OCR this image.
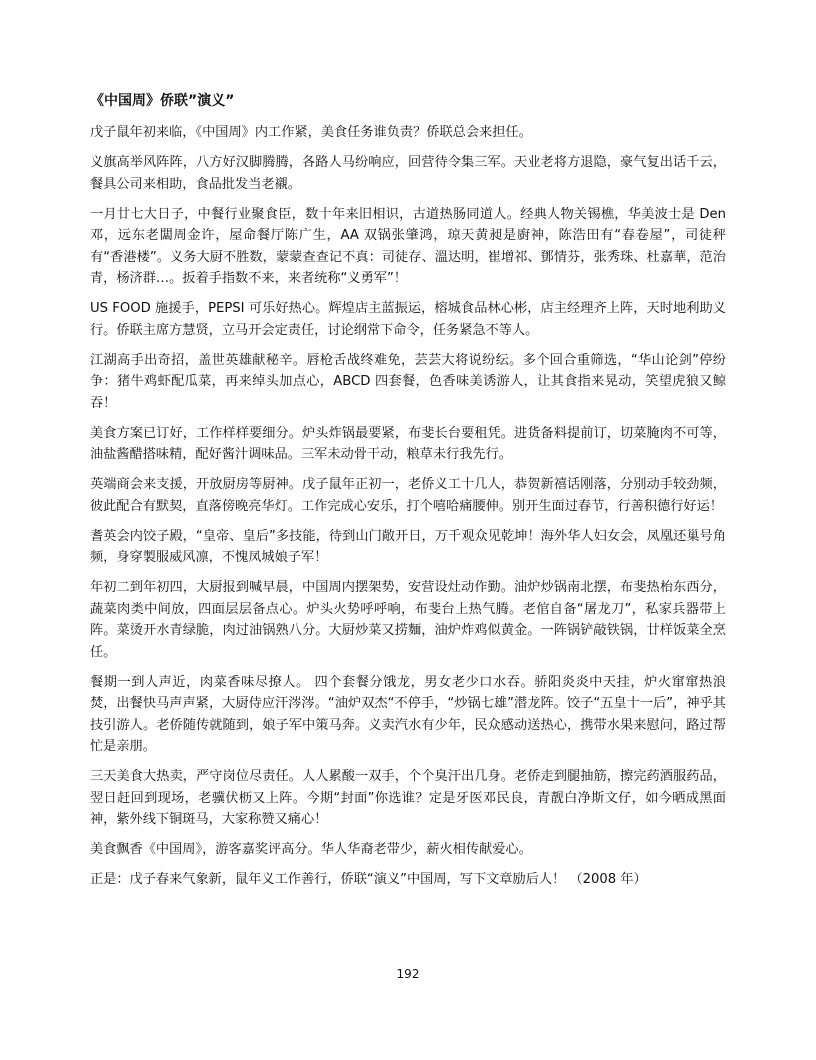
《中国周》侨联”演义”

戊子鼠年初来临，《中国周》内工作紧，美食任务谁负责？侨联总会来担任。

义旗高举风阵阵，八方好汉脚腾腾，各路人马纷响应，回营待令集三军。天业老将方退隐，豪气复出话千云，餐具公司来相助，食品批发当老襯。

一月廿七大日子，中餐行业聚食臣，数十年来旧相识，古道热肠同道人。经典人物关锡樵，华美波士是 Den 邓，远东老闆周金许，屋命餐厅陈广生，AA 双锅张肇鸿，琼天黄昶是廚神，陈浩田有“春卷屋”，司徒秤有“香港楼”。义务大厨不胜数，蒙蒙查查记不真：司徒存、溫达明，崔增祁、鄧情芬，张秀珠、杜嘉華，范治青，杨济群…。扳着手指数不来，来者统称“义勇军”！

US FOOD 施援手，PEPSI 可乐好热心。辉煌店主蓝振运，榕城食品林心彬，店主经理齐上阵，天时地利助义行。侨联主席方慧贤，立马开会定责任，讨论纲常下命令，任务紧急不等人。

江湖高手出奇招，盖世英雄献秘辛。唇枪舌战终难免，芸芸大将说纷纭。多个回合重筛选，“华山论剑”停纷争：猪牛鸡虾配瓜菜，再来绰头加点心，ABCD 四套餐，色香味美诱游人，让其食指来晃动，笑望虎狼又鲸吞！

美食方案已订好，工作样样要细分。炉头炸锅最要紧，布斐长台要租凭。进货备料提前订，切菜腌肉不可等，油盐酱醋搭味精，配好酱汁调味品。三军未动骨干动，粮草未行我先行。

英端商会来支援，开放厨房等厨神。戊子鼠年正初一，老侨义工十几人，恭贺新禧话刚落，分别动手较劲频，彼此配合有默契，直落傍晚亮华灯。工作完成心安乐，打个嘻哈痛腰伸。别开生面过春节，行善积德行好运！

耆英会内饺子殿，“皇帝、皇后”多技能，待到山门敞开日，万千观众见乾坤！海外华人妇女会，凤凰还巢号角频，身穿製服威风凛，不愧凤城娘子军！

年初二到年初四，大厨报到喊早晨，中国周内摆架势，安营设灶动作勤。油炉炒锅南北摆，布斐热枱东西分，蔬菜肉类中间放，四面层层备点心。炉头火势呼呼响，布斐台上热气腾。老倌自备“屠龙刀”，私家兵器带上阵。菜烫开水青绿脆，肉过油锅熟八分。大厨炒菜又捞麵，油炉炸鸡似黄金。一阵锅铲敲铁锅，廿样饭菜全烹任。

餐期一到人声近，肉菜香味尽撩人。 四个套餐分饿龙，男女老少口水吞。骄阳炎炎中天挂，炉火窜窜热浪焚，出餐快马声声紧，大厨侍应汗涔涔。“油炉双杰“不停手，“炒锅七雄”潜龙阵。饺子“五皇十一后”，神乎其技引游人。老侨随传就随到，娘子军中策马奔。义卖汽水有少年，民众感动送热心，携带水果来慰问，路过帮忙是亲朋。

三天美食大热卖，严守岗位尽责任。人人累酸一双手，个个臭汗出几身。老侨走到腿抽筋，擦完药酒服药品，翌日赶回到现场，老骥伏枥又上阵。今期“封面”你选谁？定是牙医邓民良，青靓白净斯文仔，如今晒成黑面神，紫外线下铜斑马，大家称赞又痛心！

美食飘香《中国周》，游客嘉奖评高分。华人华裔老带少，薪火相传献爱心。

正是：戊子春来气象新，鼠年义工作善行，侨联“演义”中国周，写下文章励后人！ （2008 年）

192
